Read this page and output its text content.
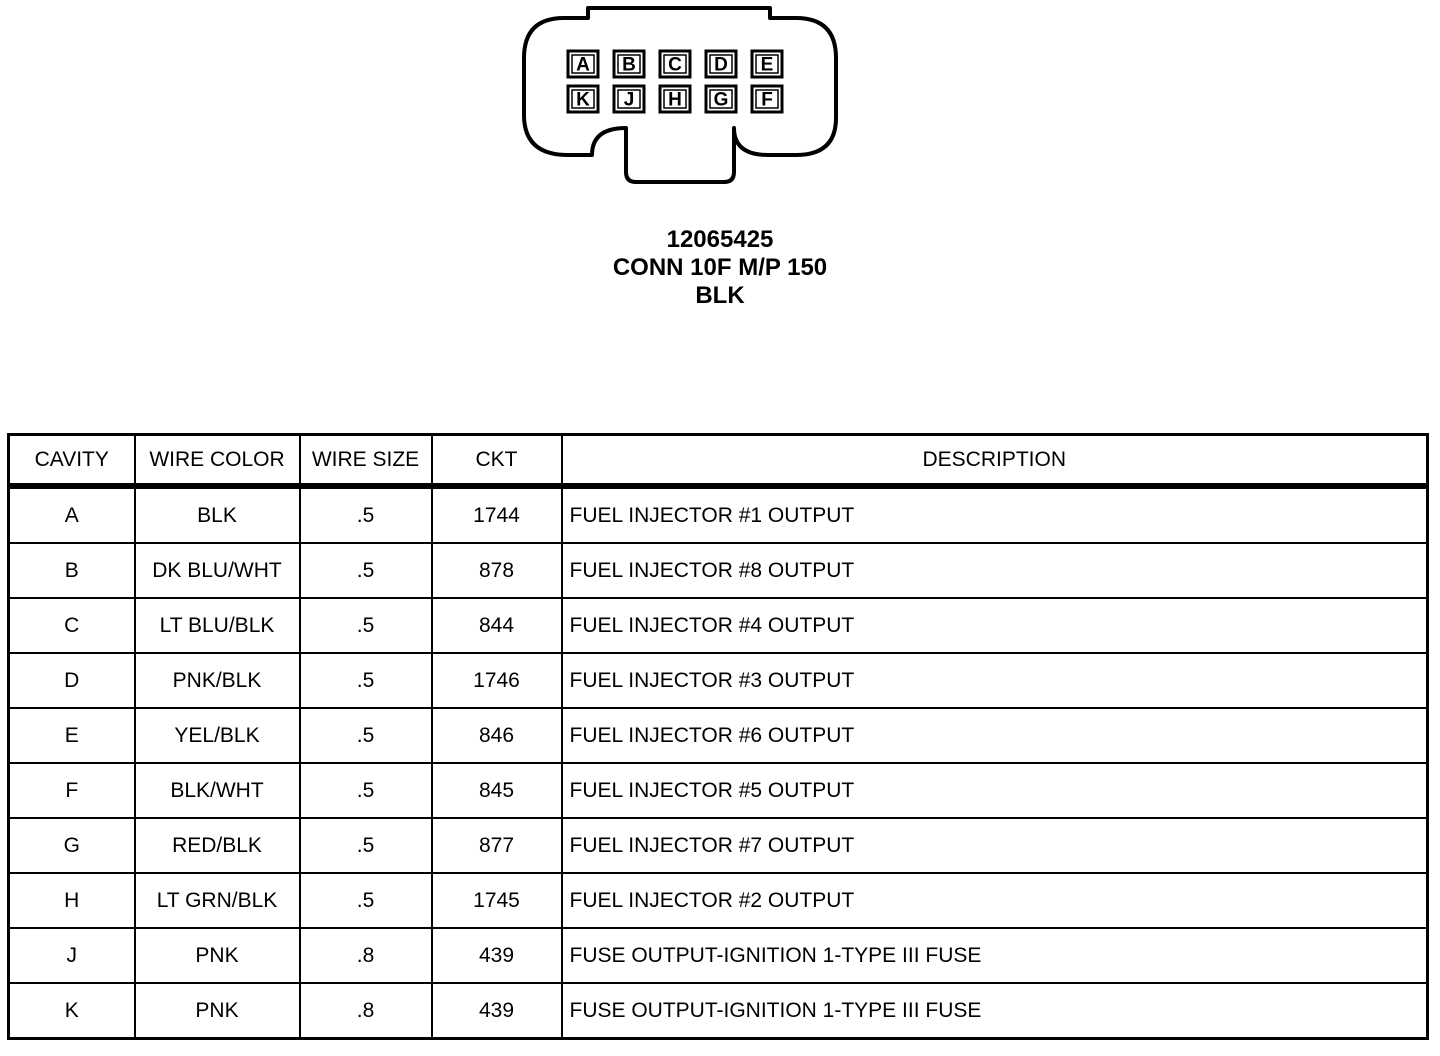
A B C D E
K J H G F
12065425
CONN 10F M/P 150
BLK
CAVITY	WIRE COLOR	WIRE SIZE	CKT	DESCRIPTION
A	BLK	.5	1744	FUEL INJECTOR #1 OUTPUT
B	DK BLU/WHT	.5	878	FUEL INJECTOR #8 OUTPUT
C	LT BLU/BLK	.5	844	FUEL INJECTOR #4 OUTPUT
D	PNK/BLK	.5	1746	FUEL INJECTOR #3 OUTPUT
E	YEL/BLK	.5	846	FUEL INJECTOR #6 OUTPUT
F	BLK/WHT	.5	845	FUEL INJECTOR #5 OUTPUT
G	RED/BLK	.5	877	FUEL INJECTOR #7 OUTPUT
H	LT GRN/BLK	.5	1745	FUEL INJECTOR #2 OUTPUT
J	PNK	.8	439	FUSE OUTPUT-IGNITION 1-TYPE III FUSE
K	PNK	.8	439	FUSE OUTPUT-IGNITION 1-TYPE III FUSE
